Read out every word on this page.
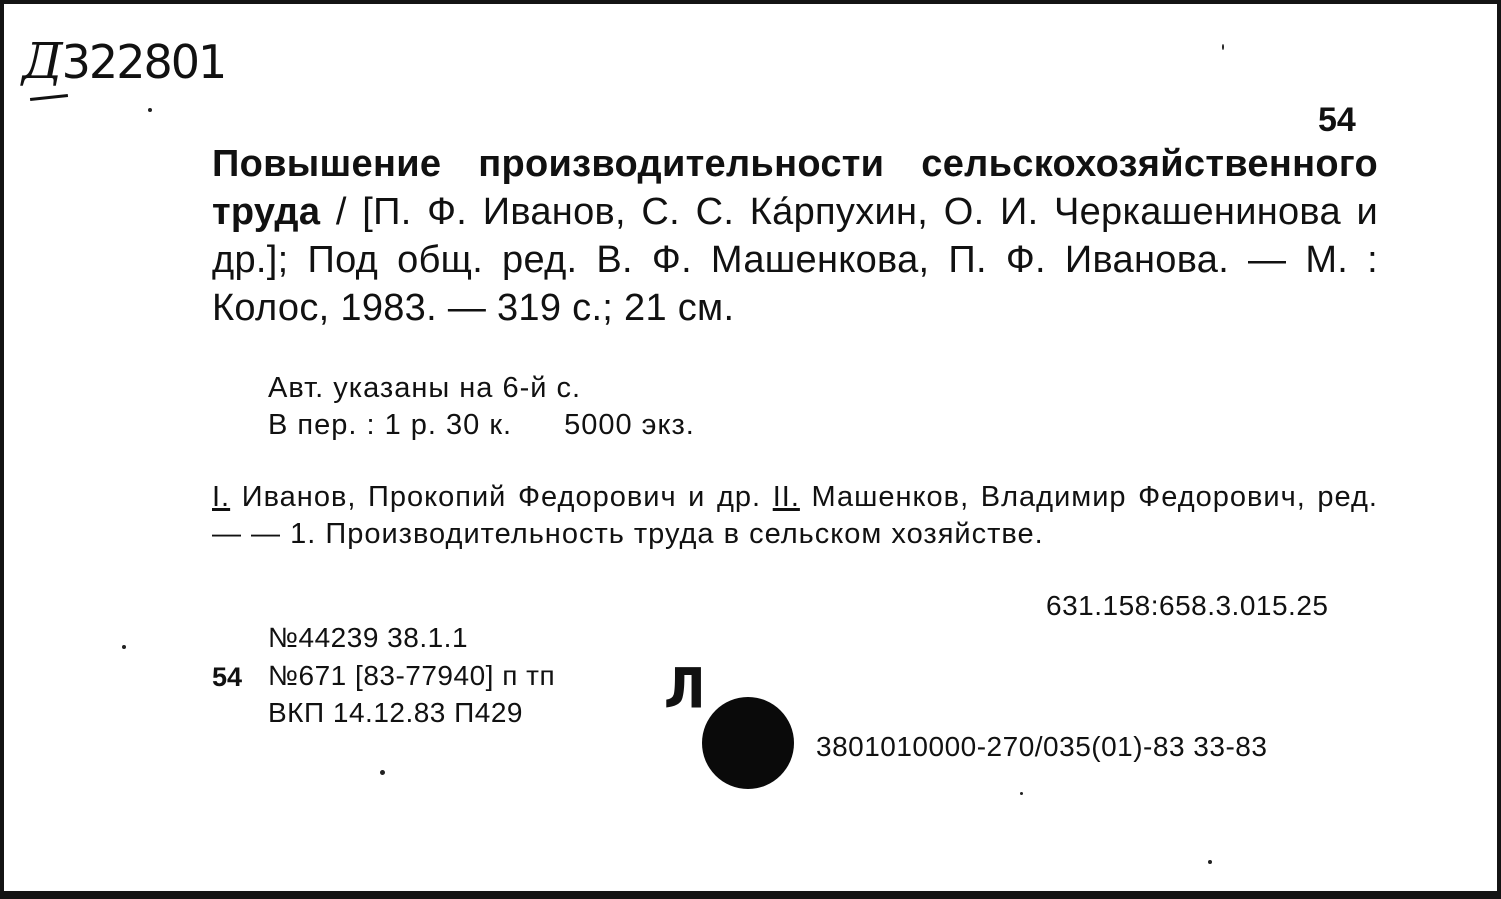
Д322801
54
Повышение производительности сельскохозяйственного труда / [П. Ф. Иванов, С. С. Ка́рпухин, О. И. Черкашенинова и др.]; Под общ. ред. В. Ф. Машенкова, П. Ф. Иванова. — М. : Колос, 1983. — 319 с.; 21 см.
Авт. указаны на 6-й с.
В пер. : 1 р. 30 к. 5000 экз.
I. Иванов, Прокопий Федорович и др. II. Машенков, Владимир Федорович, ред. — — 1. Производительность труда в сельском хозяйстве.
631.158:658.3.015.25
№44239 38.1.1
54 №671 [83-77940] п тп
ВКП 14.12.83 П429	Л
3801010000-270/035(01)-83 33-83
